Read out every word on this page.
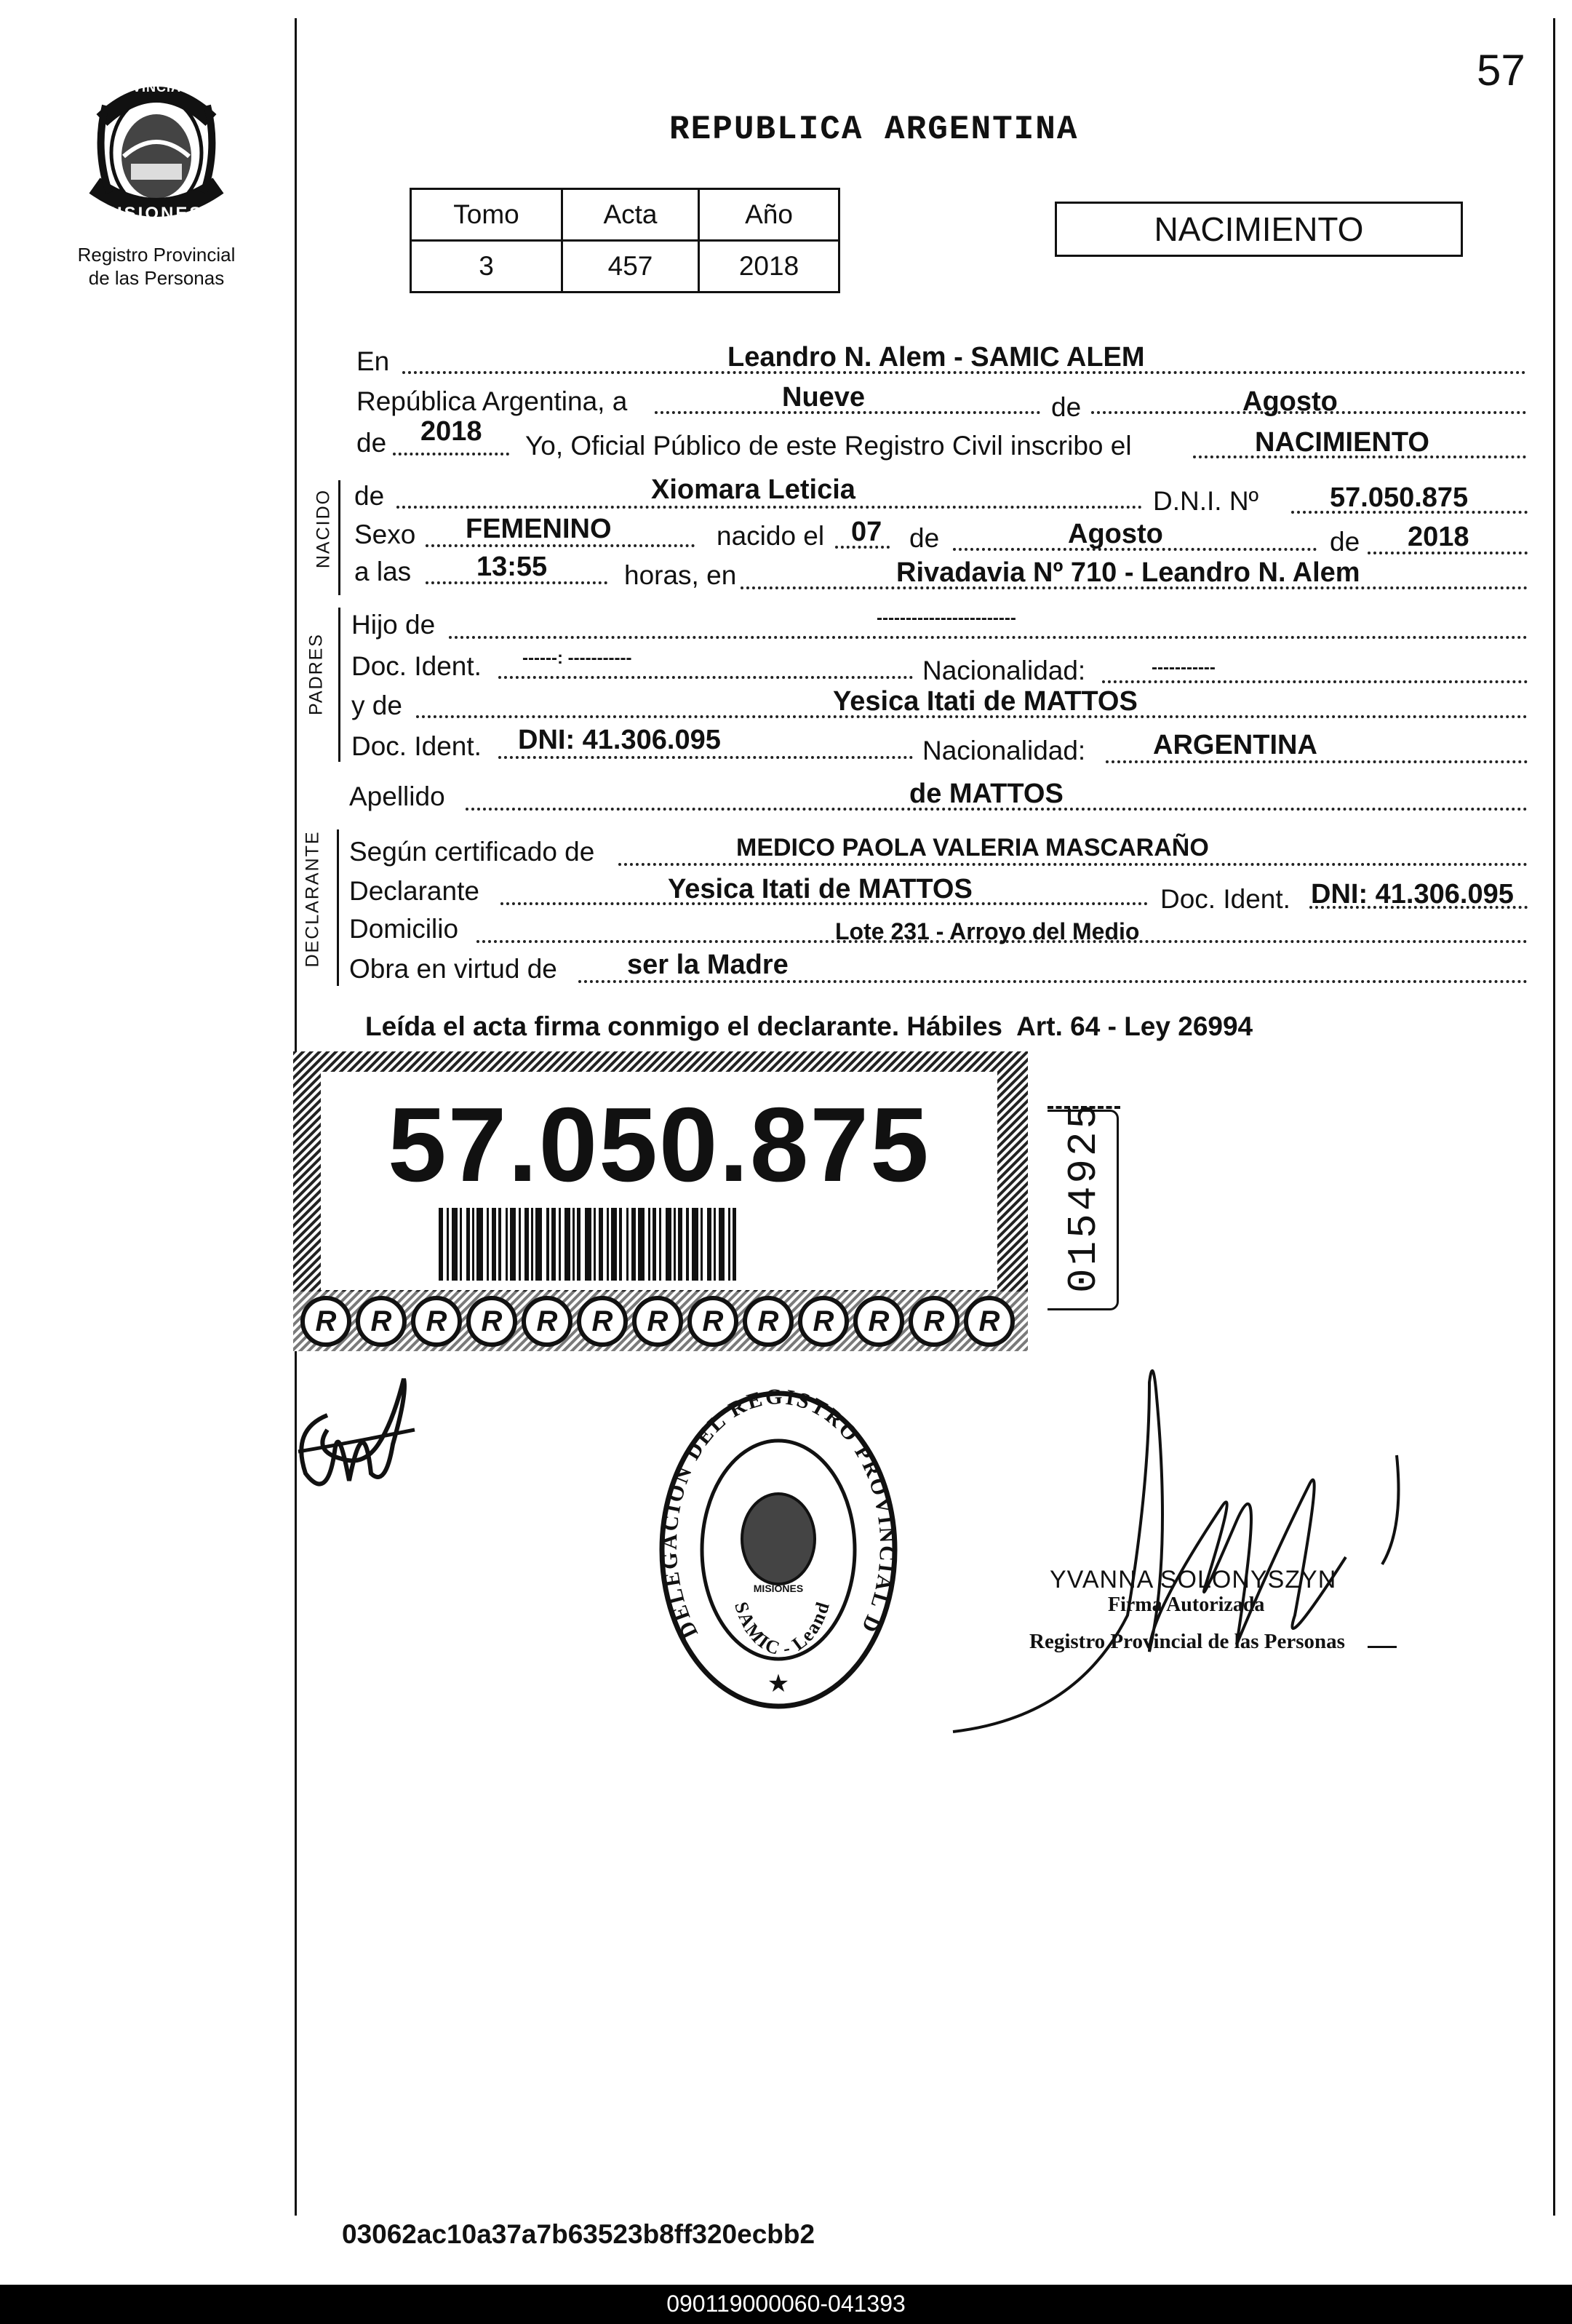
57
PROVINCIA DE
MISIONES
Registro Provincial
de las Personas
REPUBLICA ARGENTINA
Tomo	Acta	Año
3	457	2018
NACIMIENTO
En	Leandro N. Alem - SAMIC ALEM
República Argentina, a	Nueve	de	Agosto
de 2018 Yo, Oficial Público de este Registro Civil inscribo el	NACIMIENTO
NACIDO de	Xiomara Leticia	D.N.I. Nº	57.050.875
Sexo FEMENINO	nacido el 07 de	Agosto	de 2018
a las 13:55	horas, en	Rivadavia Nº 710 - Leandro N. Alem
PADRES
Hijo de	------------------------
Doc. Ident. ------: -----------	Nacionalidad:	-----------
y de	Yesica Itati de MATTOS
Doc. Ident. DNI: 41.306.095	Nacionalidad: ARGENTINA
Apellido	de MATTOS
DECLARANTE Según certificado de	MEDICO PAOLA VALERIA MASCARAÑO
Declarante	Yesica Itati de MATTOS	Doc. Ident. DNI: 41.306.095
Domicilio	Lote 231 - Arroyo del Medio
Obra en virtud de	ser la Madre
Leída el acta firma conmigo el declarante. Hábiles  Art. 64 - Ley 26994
57.050.875
R	R	R	R	R	R	R	R	R	R	R	R	R
0154925
DELEGACION DEL REGISTRO PROVINCIAL D
SAMIC - Leand
MISIONES
★
YVANNA SOLONYSZYN
Firma Autorizada
Registro Provincial de las Personas
03062ac10a37a7b63523b8ff320ecbb2
090119000060-041393
